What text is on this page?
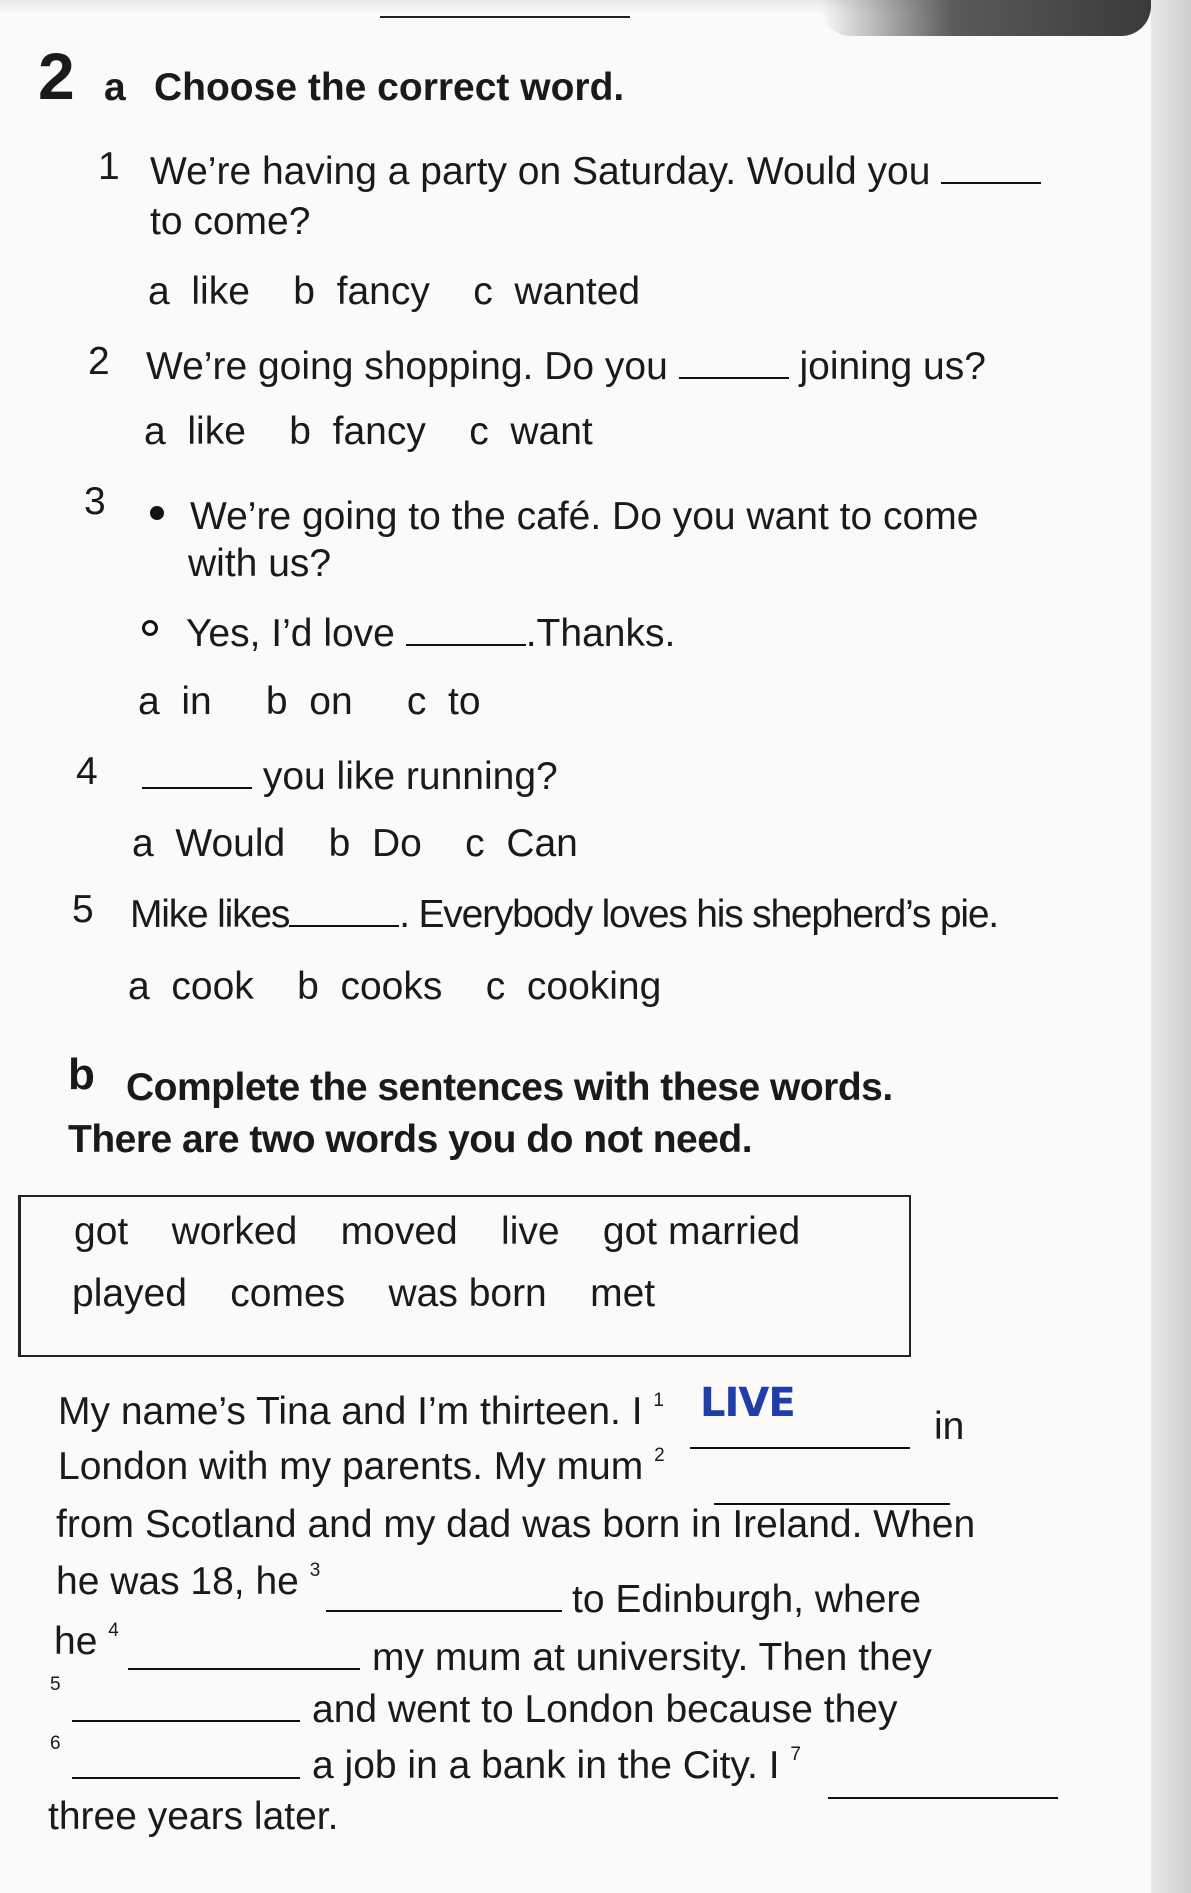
2 a Choose the correct word.
1 We’re having a party on Saturday. Would you
to come?
a like b fancy c wanted
2 We’re going shopping. Do you	joining us?
a like b fancy c want
3 We’re going to the café. Do you want to come
with us?
Yes, I’d love	.Thanks.
a in b on c to
4	you like running?
a Would b Do c Can
5 Mike likes	. Everybody loves his shepherd’s pie.
a cook b cooks c cooking
b Complete the sentences with these words.
There are two words you do not need.
got worked moved live got married
played comes was born met
My name’s Tina and I’m thirteen. I $^1$ LIVE
in
London with my parents. My mum $^2$
from Scotland and my dad was born in Ireland. When
he was 18, he $^3$
to Edinburgh, where
he $^4$
my mum at university. Then they
5
and went to London because they
6
a job in a bank in the City. I $^7$
three years later.
